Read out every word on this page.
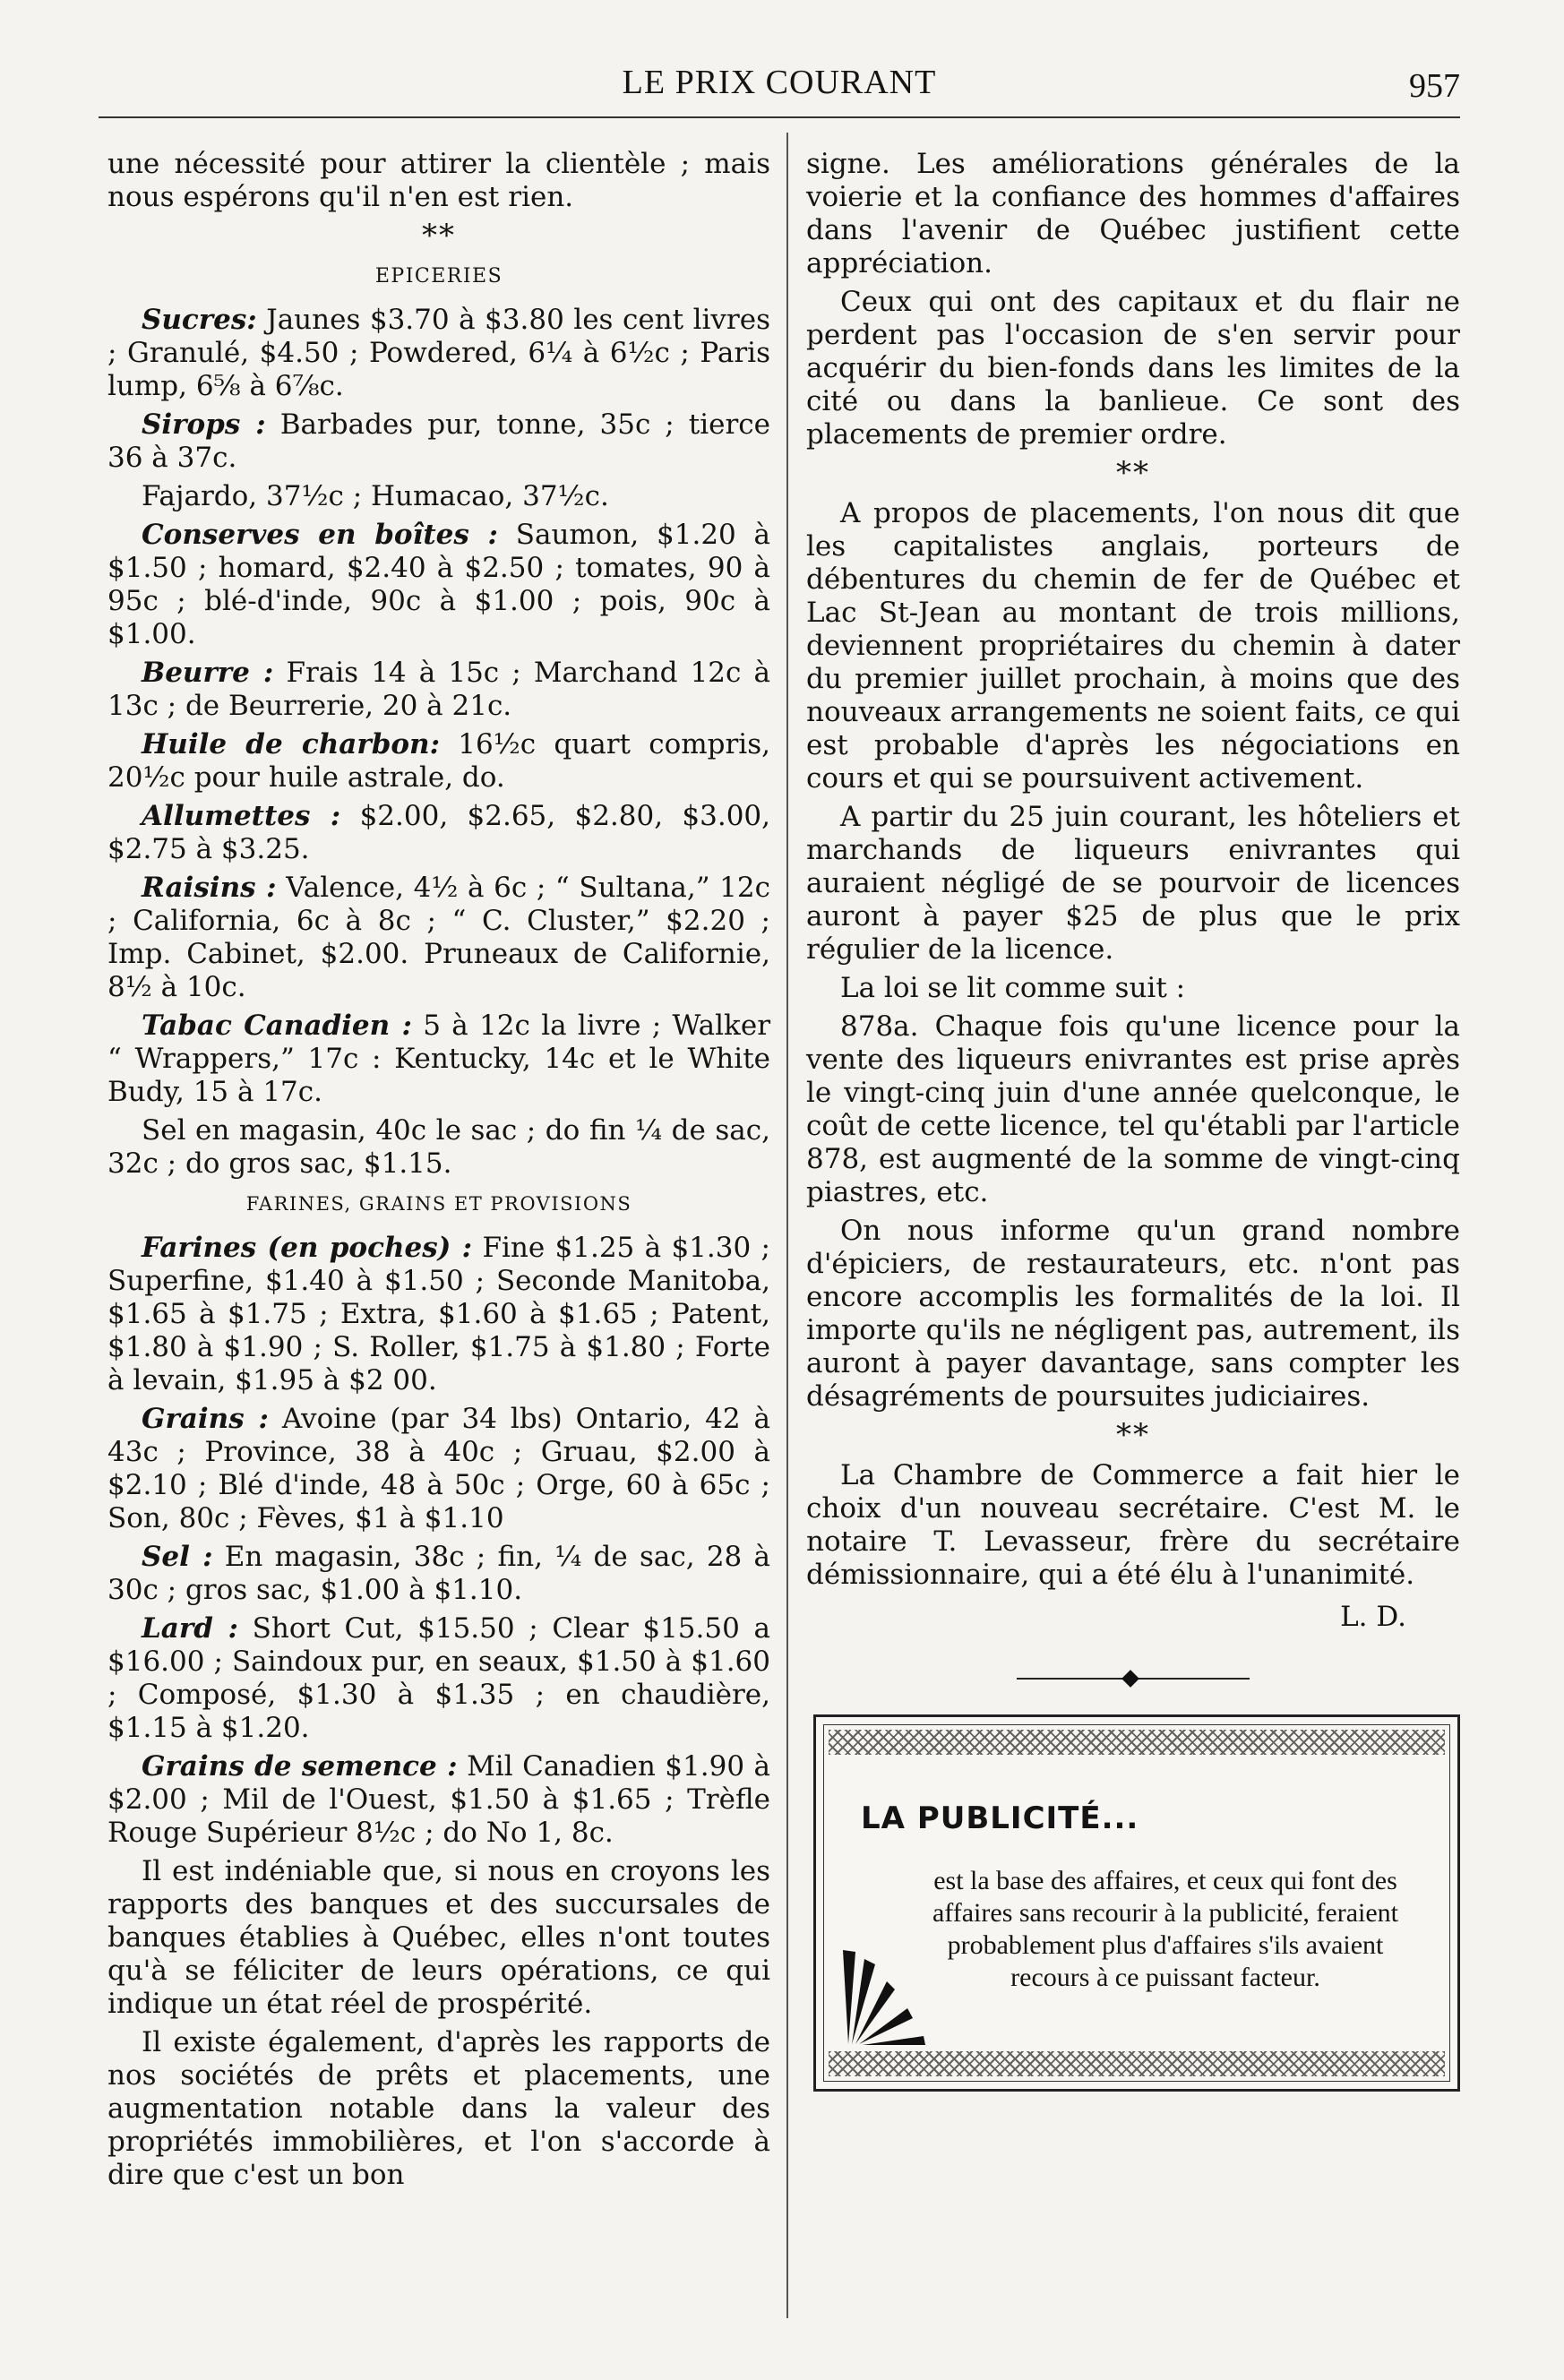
LE PRIX COURANT	957

une nécessité pour attirer la clientèle ; mais nous espérons qu'il n'en est rien.

**
EPICERIES

Sucres: Jaunes $3.70 à $3.80 les cent livres ; Granulé, $4.50 ; Powdered, 6¼ à 6½c ; Paris lump, 6⅝ à 6⅞c.

Sirops : Barbades pur, tonne, 35c ; tierce 36 à 37c.

Fajardo, 37½c ; Humacao, 37½c.

Conserves en boîtes : Saumon, $1.20 à $1.50 ; homard, $2.40 à $2.50 ; tomates, 90 à 95c ; blé-d'inde, 90c à $1.00 ; pois, 90c à $1.00.

Beurre : Frais 14 à 15c ; Marchand 12c à 13c ; de Beurrerie, 20 à 21c.

Huile de charbon: 16½c quart compris, 20½c pour huile astrale, do.

Allumettes : $2.00, $2.65, $2.80, $3.00, $2.75 à $3.25.

Raisins : Valence, 4½ à 6c ; “ Sultana,” 12c ; California, 6c à 8c ; “ C. Cluster,” $2.20 ; Imp. Cabinet, $2.00. Pruneaux de Californie, 8½ à 10c.

Tabac Canadien : 5 à 12c la livre ; Walker “ Wrappers,” 17c : Kentucky, 14c et le White Budy, 15 à 17c.

Sel en magasin, 40c le sac ; do fin ¼ de sac, 32c ; do gros sac, $1.15.

FARINES, GRAINS ET PROVISIONS

Farines (en poches) : Fine $1.25 à $1.30 ; Superfine, $1.40 à $1.50 ; Seconde Manitoba, $1.65 à $1.75 ; Extra, $1.60 à $1.65 ; Patent, $1.80 à $1.90 ; S. Roller, $1.75 à $1.80 ; Forte à levain, $1.95 à $2 00.

Grains : Avoine (par 34 lbs) Ontario, 42 à 43c ; Province, 38 à 40c ; Gruau, $2.00 à $2.10 ; Blé d'inde, 48 à 50c ; Orge, 60 à 65c ; Son, 80c ; Fèves, $1 à $1.10

Sel : En magasin, 38c ; fin, ¼ de sac, 28 à 30c ; gros sac, $1.00 à $1.10.

Lard : Short Cut, $15.50 ; Clear $15.50 a $16.00 ; Saindoux pur, en seaux, $1.50 à $1.60 ; Composé, $1.30 à $1.35 ; en chaudière, $1.15 à $1.20.

Grains de semence : Mil Canadien $1.90 à $2.00 ; Mil de l'Ouest, $1.50 à $1.65 ; Trèfle Rouge Supérieur 8½c ; do No 1, 8c.

Il est indéniable que, si nous en croyons les rapports des banques et des succursales de banques établies à Québec, elles n'ont toutes qu'à se féliciter de leurs opérations, ce qui indique un état réel de prospérité.

Il existe également, d'après les rapports de nos sociétés de prêts et placements, une augmentation notable dans la valeur des propriétés immobilières, et l'on s'accorde à dire que c'est un bon

signe. Les améliorations générales de la voierie et la confiance des hommes d'affaires dans l'avenir de Québec justifient cette appréciation.

Ceux qui ont des capitaux et du flair ne perdent pas l'occasion de s'en servir pour acquérir du bien-fonds dans les limites de la cité ou dans la banlieue. Ce sont des placements de premier ordre.

**

A propos de placements, l'on nous dit que les capitalistes anglais, porteurs de débentures du chemin de fer de Québec et Lac St-Jean au montant de trois millions, deviennent propriétaires du chemin à dater du premier juillet prochain, à moins que des nouveaux arrangements ne soient faits, ce qui est probable d'après les négociations en cours et qui se poursuivent activement.

A partir du 25 juin courant, les hôteliers et marchands de liqueurs enivrantes qui auraient négligé de se pourvoir de licences auront à payer $25 de plus que le prix régulier de la licence.

La loi se lit comme suit :

878a. Chaque fois qu'une licence pour la vente des liqueurs enivrantes est prise après le vingt-cinq juin d'une année quelconque, le coût de cette licence, tel qu'établi par l'article 878, est augmenté de la somme de vingt-cinq piastres, etc.

On nous informe qu'un grand nombre d'épiciers, de restaurateurs, etc. n'ont pas encore accomplis les formalités de la loi. Il importe qu'ils ne négligent pas, autrement, ils auront à payer davantage, sans compter les désagréments de poursuites judiciaires.

**

La Chambre de Commerce a fait hier le choix d'un nouveau secrétaire. C'est M. le notaire T. Levasseur, frère du secrétaire démissionnaire, qui a été élu à l'unanimité.

L. D.
LA PUBLICITÉ...
est la base des affaires, et ceux qui font des affaires sans recourir à la publicité, feraient probablement plus d'affaires s'ils avaient recours à ce puissant facteur.
